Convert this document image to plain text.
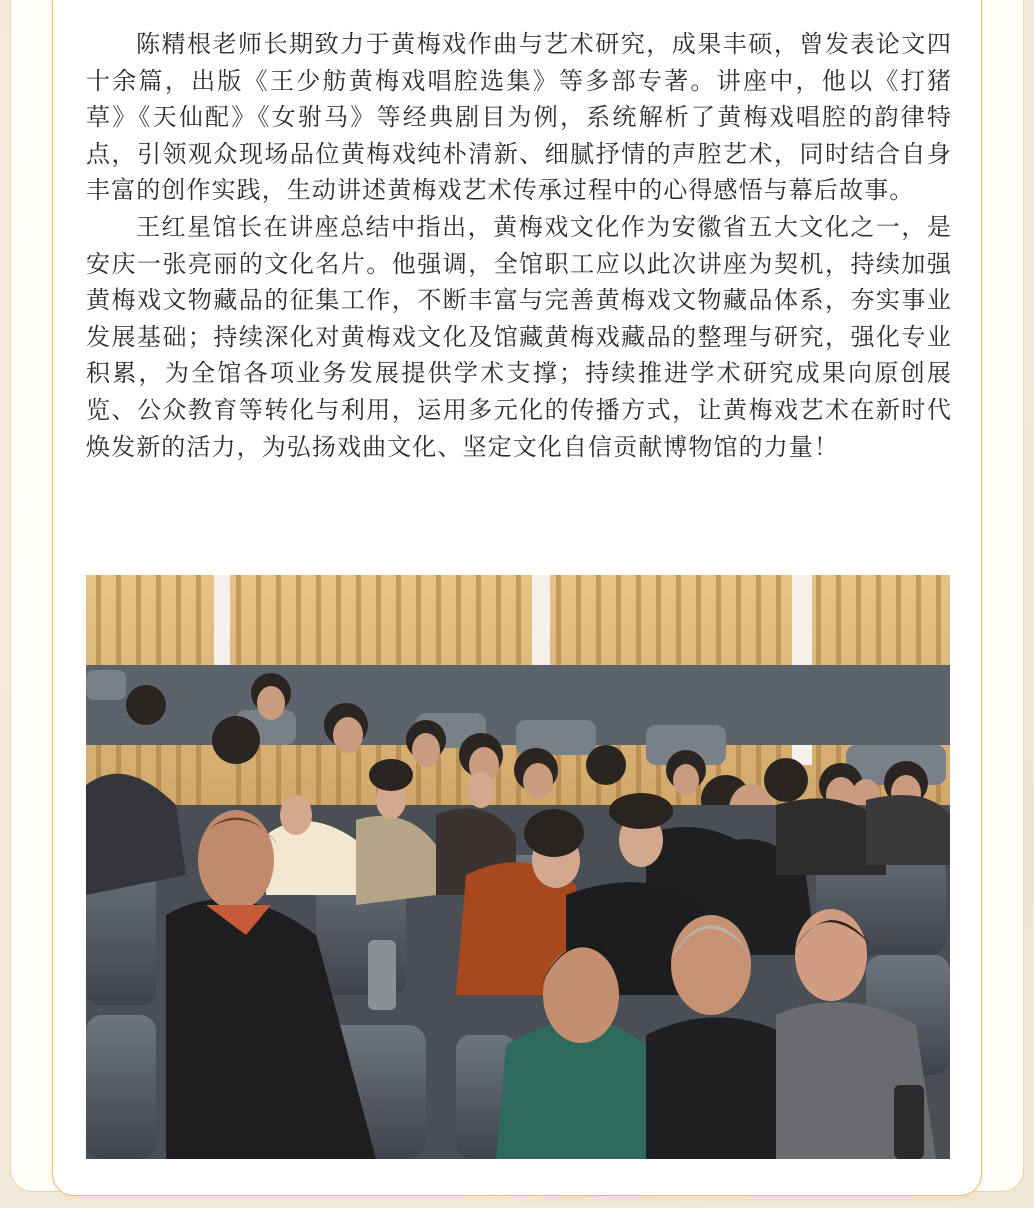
陈精根老师长期致力于黄梅戏作曲与艺术研究，成果丰硕，曾发表论文四十余篇，出版《王少舫黄梅戏唱腔选集》等多部专著。讲座中，他以《打猪草》《天仙配》《女驸马》等经典剧目为例，系统解析了黄梅戏唱腔的韵律特点，引领观众现场品位黄梅戏纯朴清新、细腻抒情的声腔艺术，同时结合自身丰富的创作实践，生动讲述黄梅戏艺术传承过程中的心得感悟与幕后故事。

王红星馆长在讲座总结中指出，黄梅戏文化作为安徽省五大文化之一，是安庆一张亮丽的文化名片。他强调，全馆职工应以此次讲座为契机，持续加强黄梅戏文物藏品的征集工作，不断丰富与完善黄梅戏文物藏品体系，夯实事业发展基础；持续深化对黄梅戏文化及馆藏黄梅戏藏品的整理与研究，强化专业积累，为全馆各项业务发展提供学术支撑；持续推进学术研究成果向原创展览、公众教育等转化与利用，运用多元化的传播方式，让黄梅戏艺术在新时代焕发新的活力，为弘扬戏曲文化、坚定文化自信贡献博物馆的力量！
